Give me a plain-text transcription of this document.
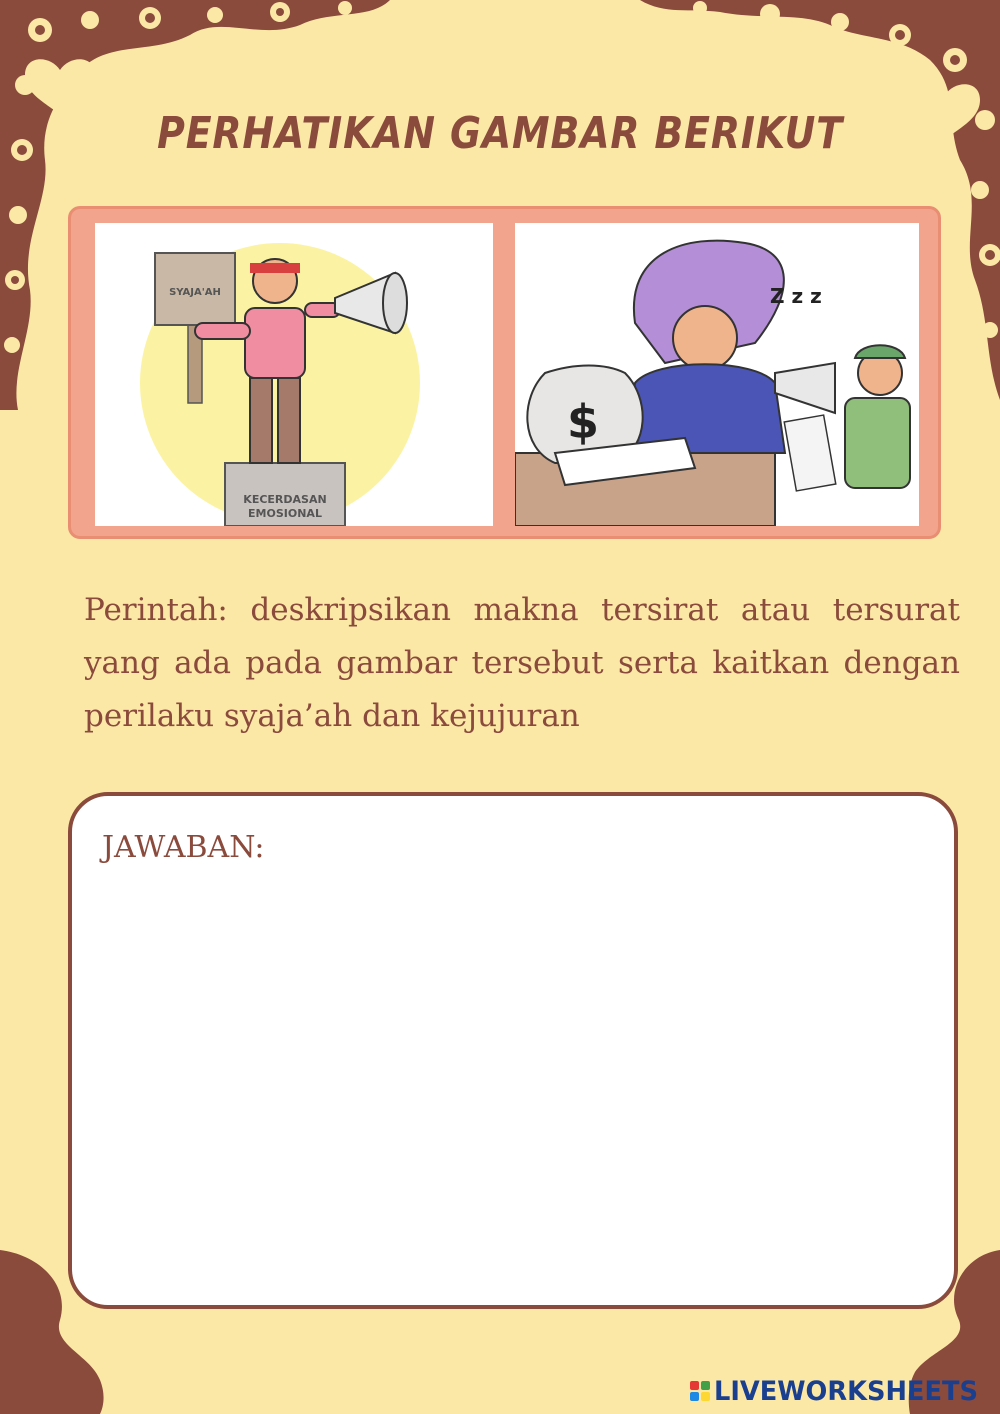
PERHATIKAN GAMBAR BERIKUT
KECERDASAN
EMOSIONAL
SYAJA'AH
$
Z z z
Perintah: deskripsikan makna tersirat atau tersurat yang ada pada gambar tersebut serta kaitkan dengan perilaku syaja’ah dan kejujuran
JAWABAN:
LIVEWORKSHEETS
